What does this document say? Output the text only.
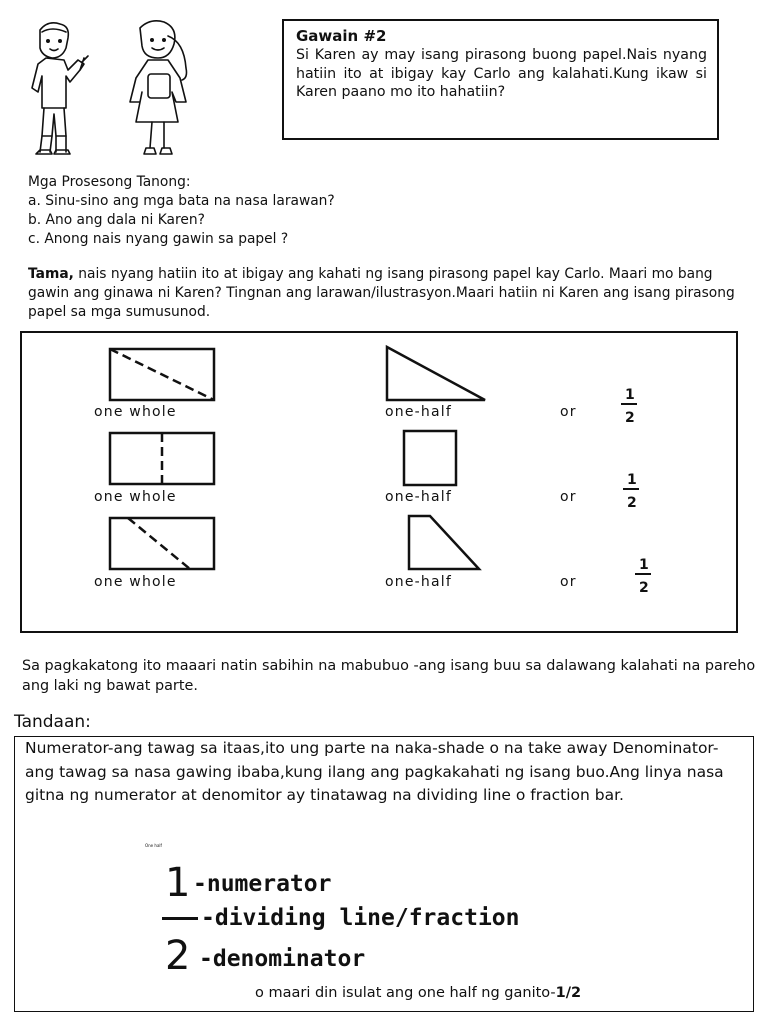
Gawain #2
Si Karen ay may isang pirasong buong papel.Nais nyang hatiin ito at ibigay kay Carlo ang kalahati.Kung ikaw si Karen paano mo ito hahatiin?
Mga Prosesong Tanong:
a. Sinu-sino ang mga bata na nasa larawan?
b. Ano ang dala ni Karen?
c. Anong nais nyang gawin sa papel ?
Tama, nais nyang hatiin ito at ibigay ang kahati ng isang pirasong papel kay Carlo. Maari mo bang gawin ang ginawa ni Karen? Tingnan ang larawan/ilustrasyon.Maari hatiin ni Karen ang isang pirasong papel sa mga sumusunod.
one whole	one-half	or
1
2
one whole	one-half	or
1
2
one whole	one-half	or
1
2
Sa pagkakatong ito maaari natin sabihin na mabubuo -ang isang buu sa dalawang kalahati na pareho ang laki ng bawat parte.
Tandaan:
Numerator-ang tawag sa itaas,ito ung parte na naka-shade o na take away Denominator-ang tawag sa nasa gawing ibaba,kung ilang ang pagkakahati ng isang buo.Ang linya nasa gitna ng numerator at denomitor ay tinatawag na dividing line o fraction bar.
One half
1
2
-numerator
-dividing line/fraction
-denominator
o maari din isulat ang one half ng ganito-1/2
